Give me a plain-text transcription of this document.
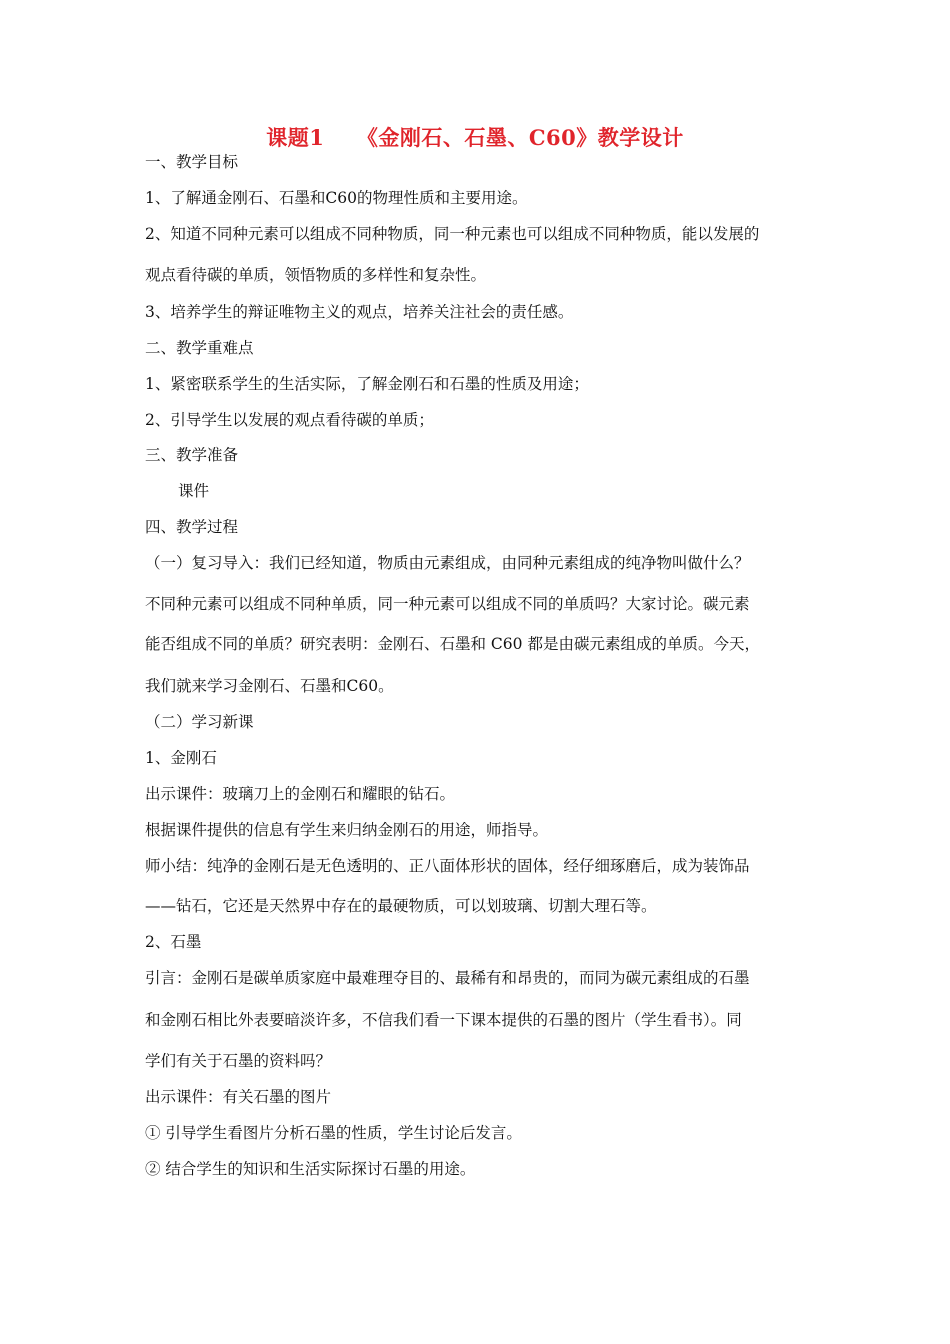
课题1　　《金刚石、石墨、C60》教学设计
一、教学目标
1、了解通金刚石、石墨和C60的物理性质和主要用途。
2、知道不同种元素可以组成不同种物质，同一种元素也可以组成不同种物质，能以发展的
观点看待碳的单质，领悟物质的多样性和复杂性。
3、培养学生的辩证唯物主义的观点，培养关注社会的责任感。
二、教学重难点
1、紧密联系学生的生活实际，了解金刚石和石墨的性质及用途；
2、引导学生以发展的观点看待碳的单质；
三、教学准备
课件
四、教学过程
（一）复习导入：我们已经知道，物质由元素组成，由同种元素组成的纯净物叫做什么？
不同种元素可以组成不同种单质，同一种元素可以组成不同的单质吗？大家讨论。碳元素
能否组成不同的单质？研究表明：金刚石、石墨和 C60 都是由碳元素组成的单质。今天，
我们就来学习金刚石、石墨和C60。
（二）学习新课
1、金刚石
出示课件：玻璃刀上的金刚石和耀眼的钻石。
根据课件提供的信息有学生来归纳金刚石的用途，师指导。
师小结：纯净的金刚石是无色透明的、正八面体形状的固体，经仔细琢磨后，成为装饰品
——钻石，它还是天然界中存在的最硬物质，可以划玻璃、切割大理石等。
2、石墨
引言：金刚石是碳单质家庭中最难理夺目的、最稀有和昂贵的，而同为碳元素组成的石墨
和金刚石相比外表要暗淡许多，不信我们看一下课本提供的石墨的图片（学生看书）。同
学们有关于石墨的资料吗？
出示课件：有关石墨的图片
① 引导学生看图片分析石墨的性质，学生讨论后发言。
② 结合学生的知识和生活实际探讨石墨的用途。
